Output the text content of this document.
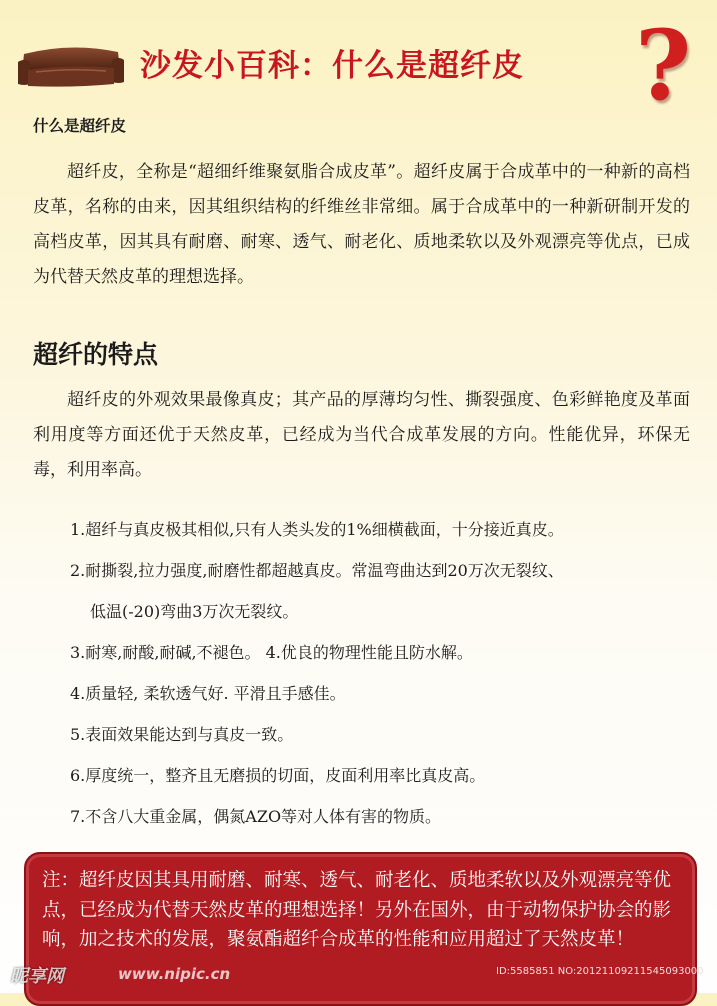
沙发小百科：什么是超纤皮 ?
什么是超纤皮
超纤皮，全称是“超细纤维聚氨脂合成皮革”。超纤皮属于合成革中的一种新的高档皮革，名称的由来，因其组织结构的纤维丝非常细。属于合成革中的一种新研制开发的高档皮革，因其具有耐磨、耐寒、透气、耐老化、质地柔软以及外观漂亮等优点，已成为代替天然皮革的理想选择。
超纤的特点
超纤皮的外观效果最像真皮；其产品的厚薄均匀性、撕裂强度、色彩鲜艳度及革面利用度等方面还优于天然皮革，已经成为当代合成革发展的方向。性能优异，环保无毒，利用率高。
1.超纤与真皮极其相似,只有人类头发的1%细横截面，十分接近真皮。
2.耐撕裂,拉力强度,耐磨性都超越真皮。常温弯曲达到20万次无裂纹、
低温(-20)弯曲3万次无裂纹。
3.耐寒,耐酸,耐碱,不褪色。 4.优良的物理性能且防水解。
4.质量轻, 柔软透气好. 平滑且手感佳。
5.表面效果能达到与真皮一致。
6.厚度统一，整齐且无磨损的切面，皮面利用率比真皮高。
7.不含八大重金属，偶氮AZO等对人体有害的物质。
注：超纤皮因其具用耐磨、耐寒、透气、耐老化、质地柔软以及外观漂亮等优点，已经成为代替天然皮革的理想选择！另外在国外，由于动物保护协会的影响，加之技术的发展，聚氨酯超纤合成革的性能和应用超过了天然皮革！
昵享网	www.nipic.cn	ID:5585851 NO:20121109211545093000
